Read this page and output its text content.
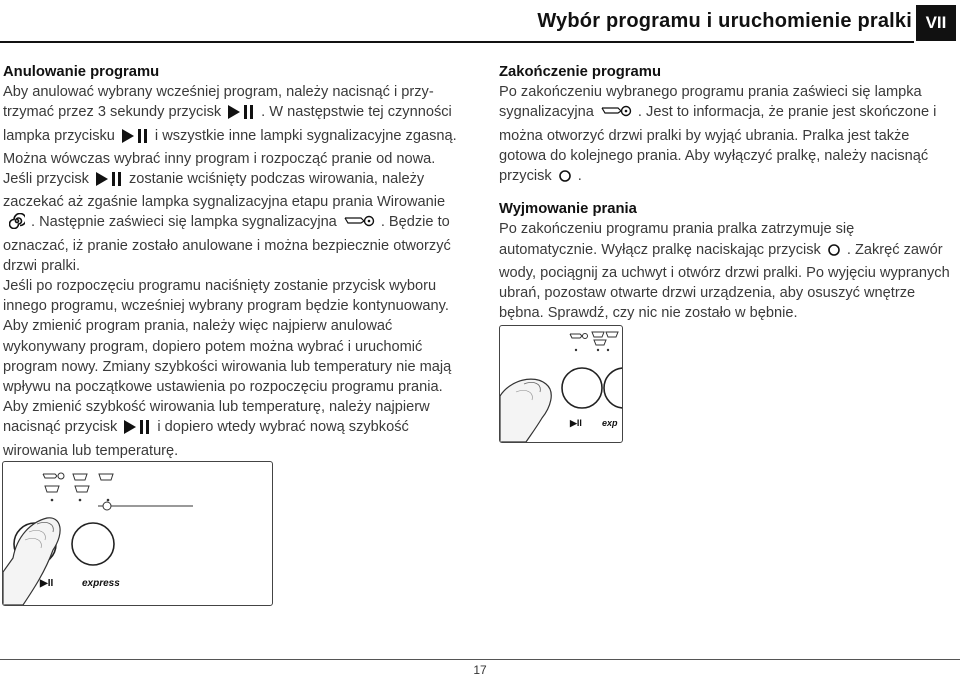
Wybór programu i uruchomienie pralki VII
Anulowanie programu

Aby anulować wybrany wcześniej program, należy nacisnąć i przy-trzymać przez 3 sekundy przycisk	. W następstwie tej czynności lampka przycisku	i wszystkie inne lampki sygnalizacyjne zgasną. Można wówczas wybrać inny program i rozpocząć pranie od nowa.

Jeśli przycisk	zostanie wciśnięty podczas wirowania, należy zaczekać aż zgaśnie lampka sygnalizacyjna etapu prania Wirowanie. Następnie zaświeci się lampka sygnalizacyjna	. Będzie to oznaczać, iż pranie zostało anulowane i można bezpiecznie otworzyć drzwi pralki.

Jeśli po rozpoczęciu programu naciśnięty zostanie przycisk wyboru innego programu, wcześniej wybrany program będzie kontynuowany. Aby zmienić program prania, należy więc najpierw anulować wykonywany program, dopiero potem można wybrać i uruchomić program nowy. Zmiany szybkości wirowania lub temperatury nie mają wpływu na początkowe ustawienia po rozpoczęciu programu prania. Aby zmienić szybkość wirowania lub temperaturę, należy najpierw nacisnąć przycisk	i dopiero wtedy wybrać nową szybkość wirowania lub temperaturę.

▶II	express
Zakończenie programu

Po zakończeniu wybranego programu prania zaświeci się lampka sygnalizacyjna	. Jest to informacja, że pranie jest skończone i można otworzyć drzwi pralki by wyjąć ubrania. Pralka jest także gotowa do kolejnego prania. Aby wyłączyć pralkę, należy nacisnąć przycisk .

Wyjmowanie prania

Po zakończeniu programu prania pralka zatrzymuje się automatycznie. Wyłącz pralkę naciskając przycisk . Zakręć zawór wody, pociągnij za uchwyt i otwórz drzwi pralki. Po wyjęciu wypranych ubrań, pozostaw otwarte drzwi urządzenia, aby osuszyć wnętrze bębna. Sprawdź, czy nic nie zostało w bębnie.

▶II exp
17
